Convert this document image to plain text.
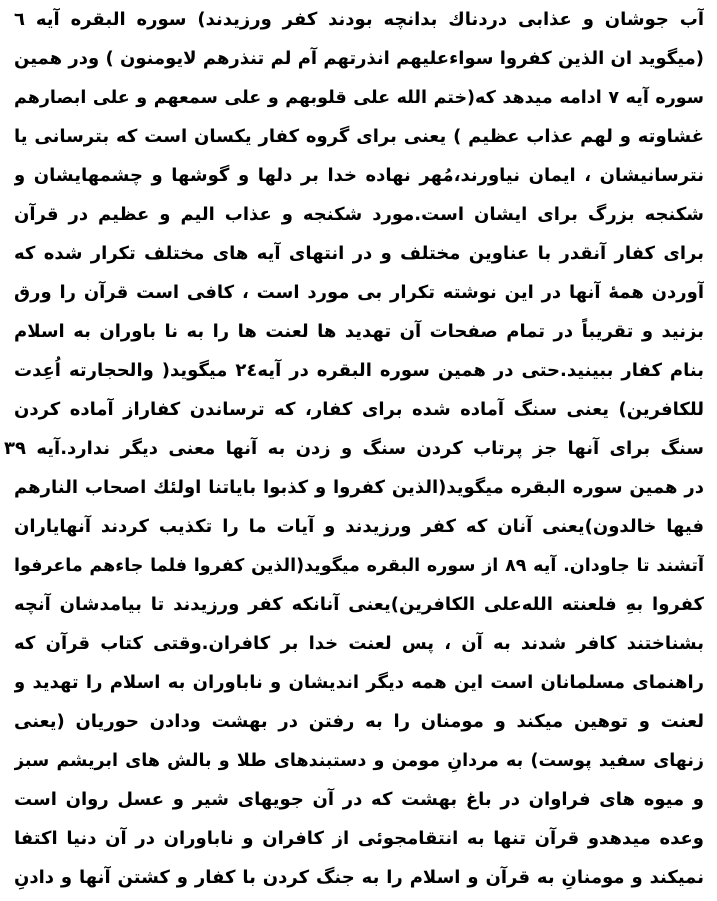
آب جوشان و عذابی دردناك بدانچه بودند كفر ورزيدند) سوره البقره آيه ٦
(ميگويد ان الذين كفروا سواءعليهم انذرتهم آم لم تنذرهم لايومنون ) ودر همين
سوره آيه ٧ ادامه ميدهد كه(ختم الله علی قلوبهم و علی سمعهم و علی ابصارهم
غشاوته و لهم عذاب عظيم ) يعنی برای گروه كفار يكسان است كه بترسانی يا
نترسانيشان ، ايمان نياورند،مُهر نهاده خدا بر دلها و گوشها و چشمهايشان و
شكنجه بزرگ برای ايشان است.مورد شكنجه و عذاب اليم و عظيم در قرآن
برای كفار آنقدر با عناوين مختلف و در انتهای آيه های مختلف تكرار شده كه
آوردن همهٔ آنها در اين نوشته تكرار بی مورد است ، كافی است قرآن را ورق
بزنيد و تقريباً در تمام صفحات آن تهديد ها لعنت ها را به نا باوران به اسلام
بنام كفار ببينيد.حتی در همين سوره البقره در آيه٢٤ ميگويد( والحجارته اُعِدت
للكافرين) يعنی سنگ آماده شده برای كفار، كه ترساندن كفاراز آماده كردن
سنگ برای آنها جز پرتاب كردن سنگ و زدن به آنها معنی ديگر ندارد.آيه ٣٩
در همين سوره البقره ميگويد(الذين كفروا و كذبوا باياتنا اولئك اصحاب النارهم
فيها خالدون)يعنی آنان كه كفر ورزيدند و آيات ما را تكذيب كردند آنهاياران
آتشند تا جاودان. آيه ٨٩ از سوره البقره ميگويد(الذين كفروا فلما جاءهم ماعرفوا
كفروا بهِ فلعنته الله‌علی الكافرين)يعنی آنانكه كفر ورزيدند تا بيامدشان آنچه
بشناختند كافر شدند به آن ، پس لعنت خدا بر كافران.وقتی كتاب قرآن كه
راهنمای مسلمانان است اين همه ديگر انديشان و ناباوران به اسلام را تهديد و
لعنت و توهين ميكند و مومنان را به رفتن در بهشت ودادن حوريان (يعنی
زنهای سفيد پوست) به مردانِ مومن و دستبندهای طلا و بالش های ابريشم سبز
و ميوه های فراوان در باغ بهشت كه در آن جويهای شير و عسل روان است
وعده ميدهدو قرآن تنها به انتقامجوئی از كافران و ناباوران در آن دنيا اكتفا
نميكند و مومنانِ به قرآن و اسلام را به جنگ كردن با كفار و كشتن آنها و دادنِ
